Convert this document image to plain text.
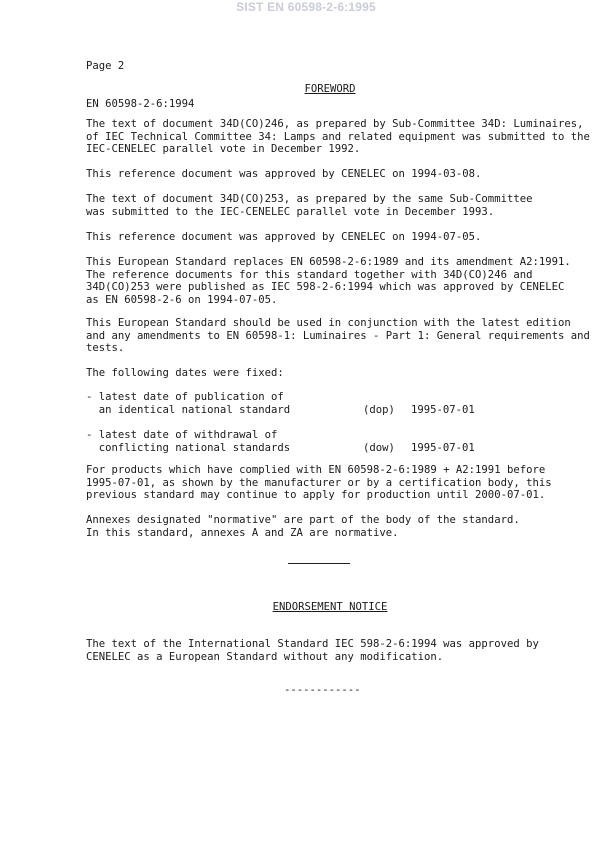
SIST EN 60598-2-6:1995

Page 2

EN 60598-2-6:1994

FOREWORD
The text of document 34D(CO)246, as prepared by Sub-Committee 34D: Luminaires,
of IEC Technical Committee 34: Lamps and related equipment was submitted to the
IEC-CENELEC parallel vote in December 1992.
This reference document was approved by CENELEC on 1994-03-08.
The text of document 34D(CO)253, as prepared by the same Sub-Committee
was submitted to the IEC-CENELEC parallel vote in December 1993.
This reference document was approved by CENELEC on 1994-07-05.
This European Standard replaces EN 60598-2-6:1989 and its amendment A2:1991.
The reference documents for this standard together with 34D(CO)246 and
34D(CO)253 were published as IEC 598-2-6:1994 which was approved by CENELEC
as EN 60598-2-6 on 1994-07-05.
This European Standard should be used in conjunction with the latest edition
and any amendments to EN 60598-1: Luminaires - Part 1: General requirements and
tests.
The following dates were fixed:
- latest date of publication of
an identical national standard	(dop) 1995-07-01
- latest date of withdrawal of
conflicting national standards	(dow) 1995-07-01
For products which have complied with EN 60598-2-6:1989 + A2:1991 before
1995-07-01, as shown by the manufacturer or by a certification body, this
previous standard may continue to apply for production until 2000-07-01.
Annexes designated "normative" are part of the body of the standard.
In this standard, annexes A and ZA are normative.
ENDORSEMENT NOTICE
The text of the International Standard IEC 598-2-6:1994 was approved by
CENELEC as a European Standard without any modification.
------------
